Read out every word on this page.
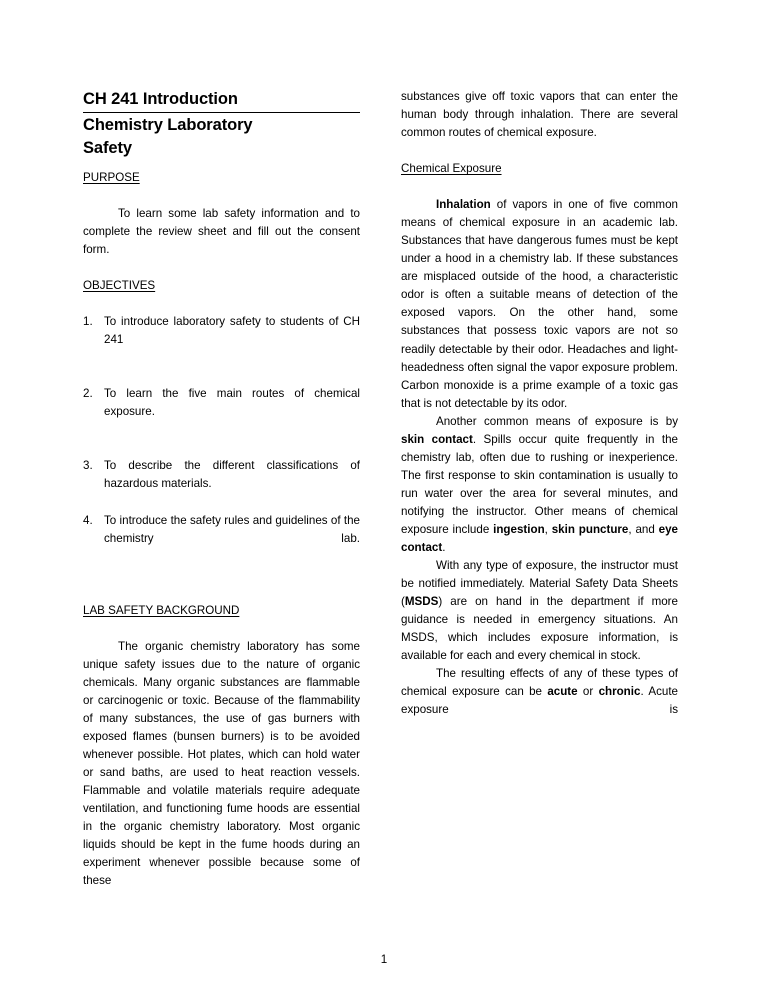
CH 241 Introduction
Chemistry Laboratory
Safety

PURPOSE

To learn some lab safety information and to complete the review sheet and fill out the consent form.

OBJECTIVES

1. To introduce laboratory safety to students of CH 241
2. To learn the five main routes of chemical exposure.
3. To describe the different classifications of hazardous materials.
4. To introduce the safety rules and guidelines of the chemistry lab.

LAB SAFETY BACKGROUND

The organic chemistry laboratory has some unique safety issues due to the nature of organic chemicals. Many organic substances are flammable or carcinogenic or toxic. Because of the flammability of many substances, the use of gas burners with exposed flames (bunsen burners) is to be avoided whenever possible. Hot plates, which can hold water or sand baths, are used to heat reaction vessels. Flammable and volatile materials require adequate ventilation, and functioning fume hoods are essential in the organic chemistry laboratory. Most organic liquids should be kept in the fume hoods during an experiment whenever possible because some of these

substances give off toxic vapors that can enter the human body through inhalation. There are several common routes of chemical exposure.

Chemical Exposure

Inhalation of vapors in one of five common means of chemical exposure in an academic lab. Substances that have dangerous fumes must be kept under a hood in a chemistry lab. If these substances are misplaced outside of the hood, a characteristic odor is often a suitable means of detection of the exposed vapors. On the other hand, some substances that possess toxic vapors are not so readily detectable by their odor. Headaches and light-headedness often signal the vapor exposure problem. Carbon monoxide is a prime example of a toxic gas that is not detectable by its odor.

Another common means of exposure is by skin contact. Spills occur quite frequently in the chemistry lab, often due to rushing or inexperience. The first response to skin contamination is usually to run water over the area for several minutes, and notifying the instructor. Other means of chemical exposure include ingestion, skin puncture, and eye contact.

With any type of exposure, the instructor must be notified immediately. Material Safety Data Sheets (MSDS) are on hand in the department if more guidance is needed in emergency situations. An MSDS, which includes exposure information, is available for each and every chemical in stock.

The resulting effects of any of these types of chemical exposure can be acute or chronic. Acute exposure is

1
